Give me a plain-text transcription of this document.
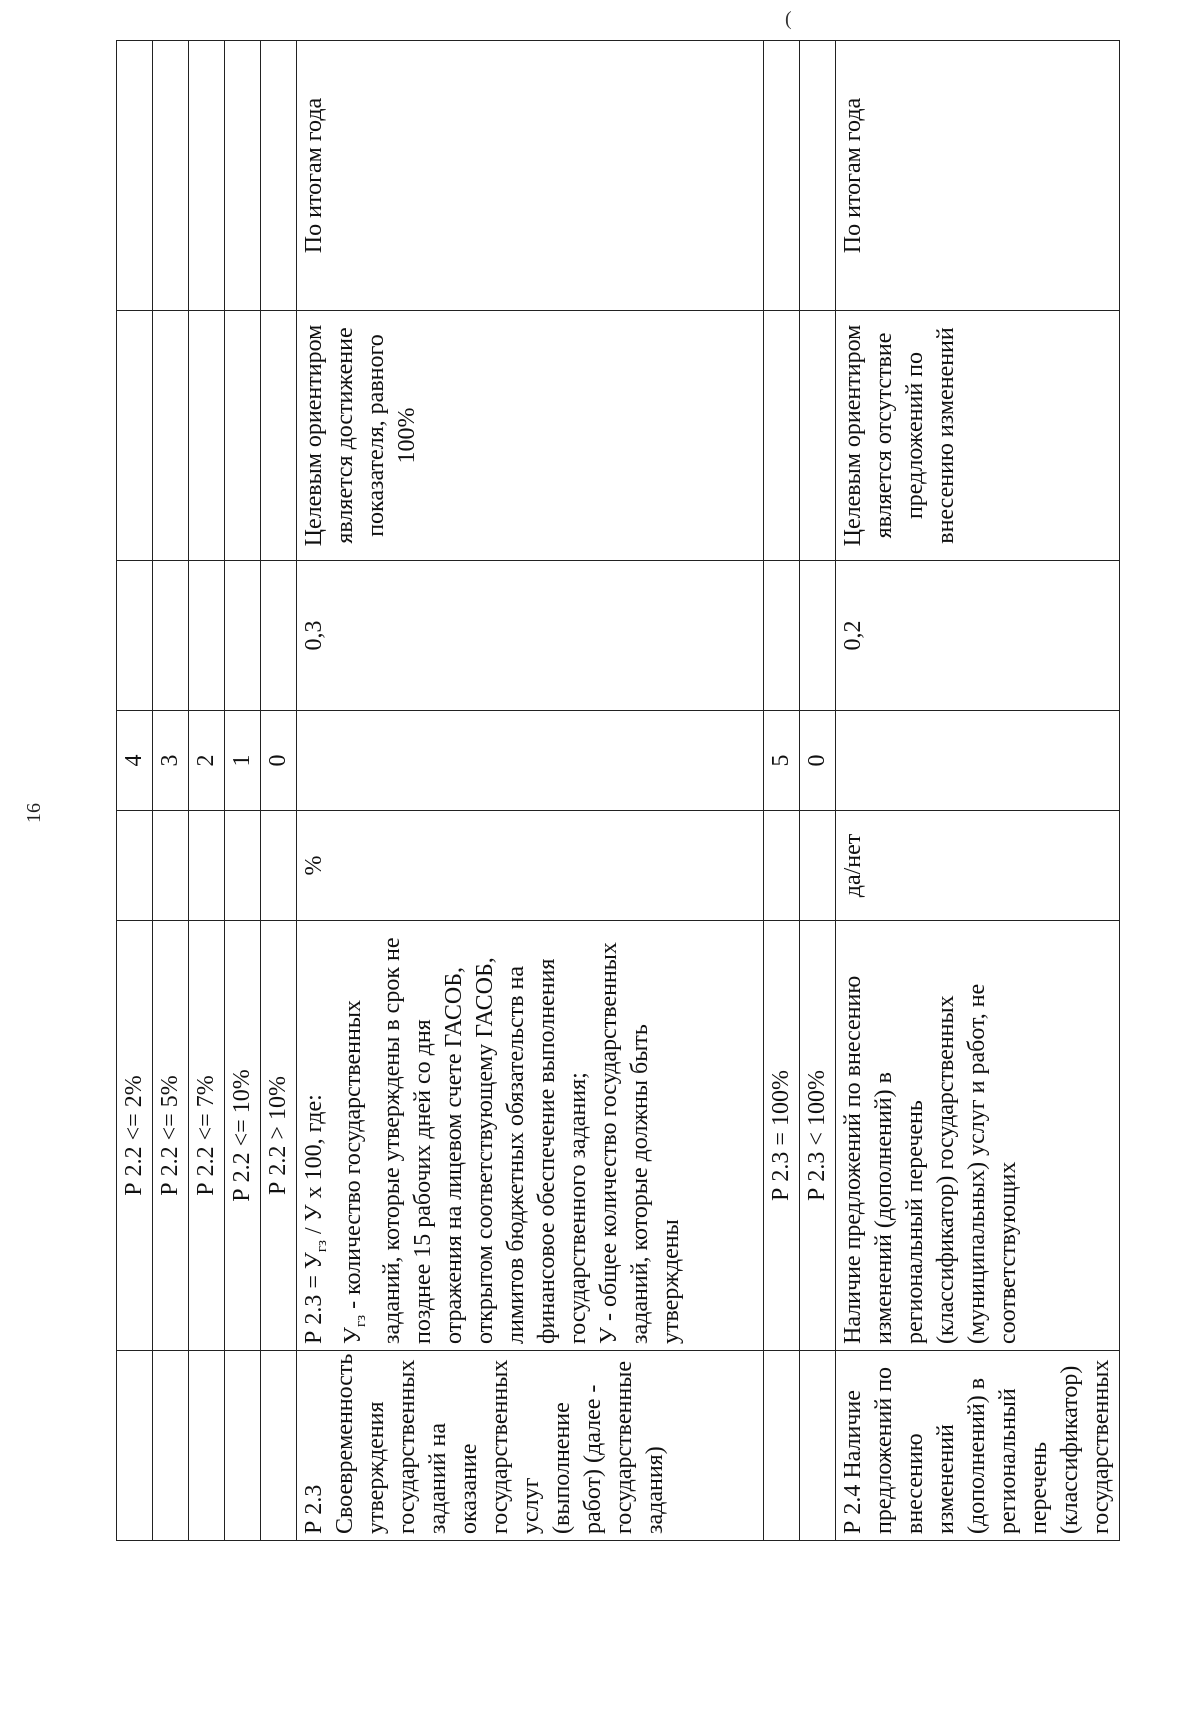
16
(
	Р 2.2 <= 2%		4			
	Р 2.2 <= 5%		3			
	Р 2.2 <= 7%		2			
	Р 2.2 <= 10%		1			
	Р 2.2 > 10%		0			
Р 2.3 Своевременность утверждения государственных заданий на оказание государственных услуг (выполнение работ) (далее - государственные задания)	Р $2.3 = У_{гз} / У$ х 100, где:
$У_{гз}$ - количество государственных заданий, которые утверждены в срок не позднее 15 рабочих дней со дня отражения на лицевом счете ГАСОБ, открытом соответствующему ГАСОБ, лимитов бюджетных обязательств на финансовое обеспечение выполнения государственного задания;
У - общее количество государственных заданий, которые должны быть утверждены	%		0,3	Целевым ориентиром является достижение показателя, равного 100%	По итогам года
	Р 2.3 = 100%		5			
	Р 2.3 < 100%		0			
Р 2.4 Наличие предложений по внесению изменений (дополнений) в региональный перечень (классификатор) государственных	Наличие предложений по внесению изменений (дополнений) в региональный перечень (классификатор) государственных (муниципальных) услуг и работ, не соответствующих	да/нет		0,2	Целевым ориентиром является отсутствие предложений по внесению изменений	По итогам года
